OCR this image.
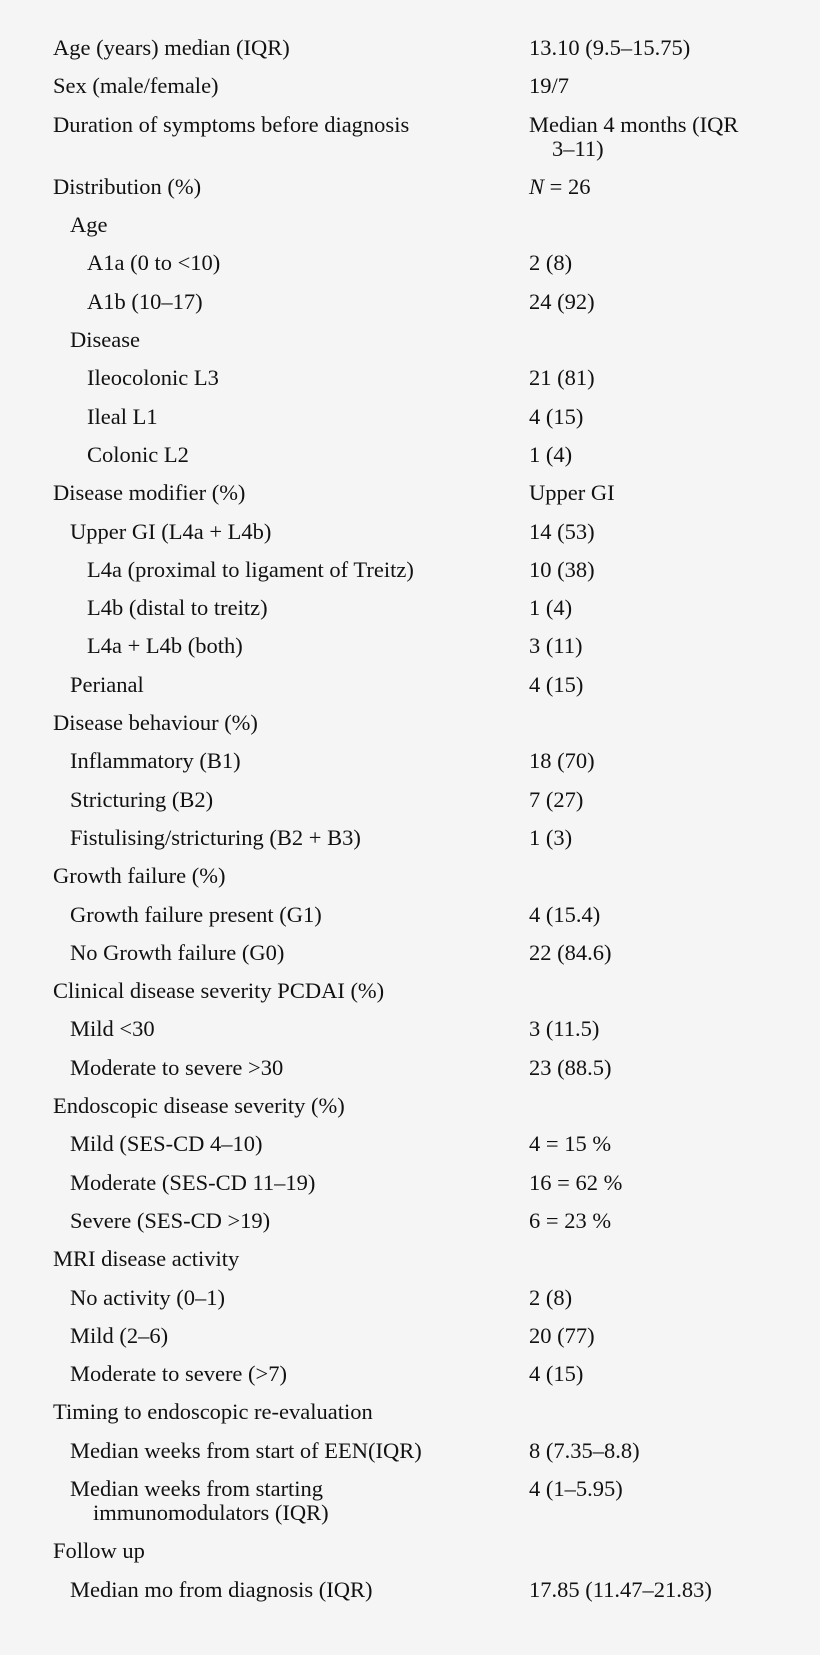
Age (years) median (IQR)	13.10 (9.5–15.75)
Sex (male/female)	19/7
Duration of symptoms before diagnosis	Median 4 months (IQR
3–11)
Distribution (%)	N = 26
Age

A1a (0 to <10)	2 (8)
A1b (10–17)	24 (92)
Disease

Ileocolonic L3	21 (81)
Ileal L1	4 (15)
Colonic L2	1 (4)
Disease modifier (%)	Upper GI
Upper GI (L4a + L4b)	14 (53)
L4a (proximal to ligament of Treitz)	10 (38)
L4b (distal to treitz)	1 (4)
L4a + L4b (both)	3 (11)
Perianal	4 (15)
Disease behaviour (%)

Inflammatory (B1)	18 (70)
Stricturing (B2)	7 (27)
Fistulising/stricturing (B2 + B3)	1 (3)
Growth failure (%)

Growth failure present (G1)	4 (15.4)
No Growth failure (G0)	22 (84.6)
Clinical disease severity PCDAI (%)

Mild <30	3 (11.5)
Moderate to severe >30	23 (88.5)
Endoscopic disease severity (%)

Mild (SES-CD 4–10)	4 = 15 %
Moderate (SES-CD 11–19)	16 = 62 %
Severe (SES-CD >19)	6 = 23 %
MRI disease activity

No activity (0–1)	2 (8)
Mild (2–6)	20 (77)
Moderate to severe (>7)	4 (15)
Timing to endoscopic re-evaluation

Median weeks from start of EEN(IQR)	8 (7.35–8.8)
Median weeks from starting
immunomodulators (IQR)
4 (1–5.95)
Follow up

Median mo from diagnosis (IQR)	17.85 (11.47–21.83)
